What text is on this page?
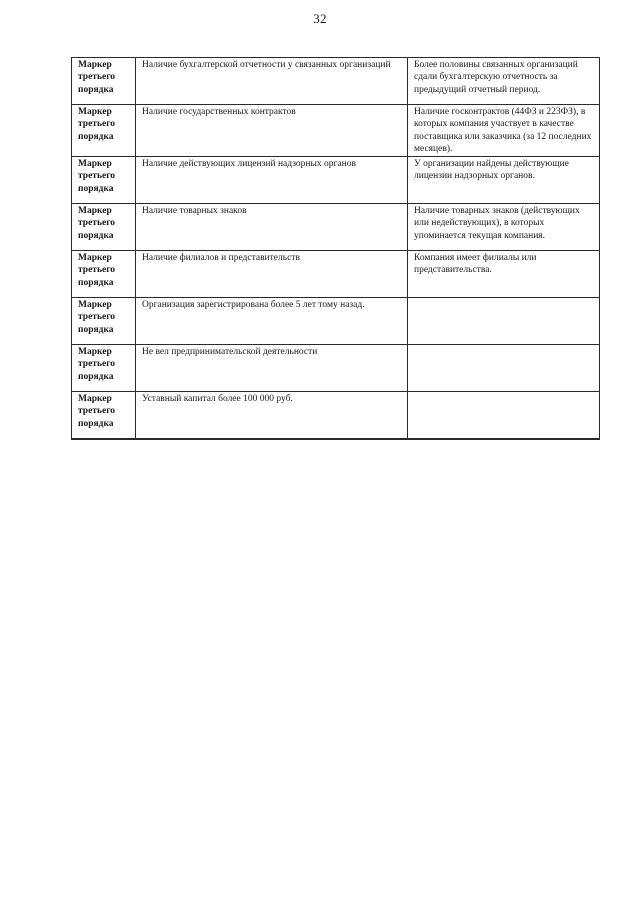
32
Маркер третьего порядка	Наличие бухгалтерской отчетности у связанных организаций	Более половины связанных организаций сдали бухгалтерскую отчетность за предыдущий отчетный период.
Маркер третьего порядка	Наличие государственных контрактов	Наличие госконтрактов (44ФЗ и 223ФЗ), в которых компания участвует в качестве поставщика или заказчика (за 12 последних месяцев).
Маркер третьего порядка	Наличие действующих лицензий надзорных органов	У организации найдены действующие лицензии надзорных органов.
Маркер третьего порядка	Наличие товарных знаков	Наличие товарных знаков (действующих или недействующих), в которых упоминается текущая компания.
Маркер третьего порядка	Наличие филиалов и представительств	Компания имеет филиалы или представительства.
Маркер третьего порядка	Организация зарегистрирована более 5 лет тому назад.	
Маркер третьего порядка	Не вел предпринимательской деятельности	
Маркер третьего порядка	Уставный капитал более 100 000 руб.	
